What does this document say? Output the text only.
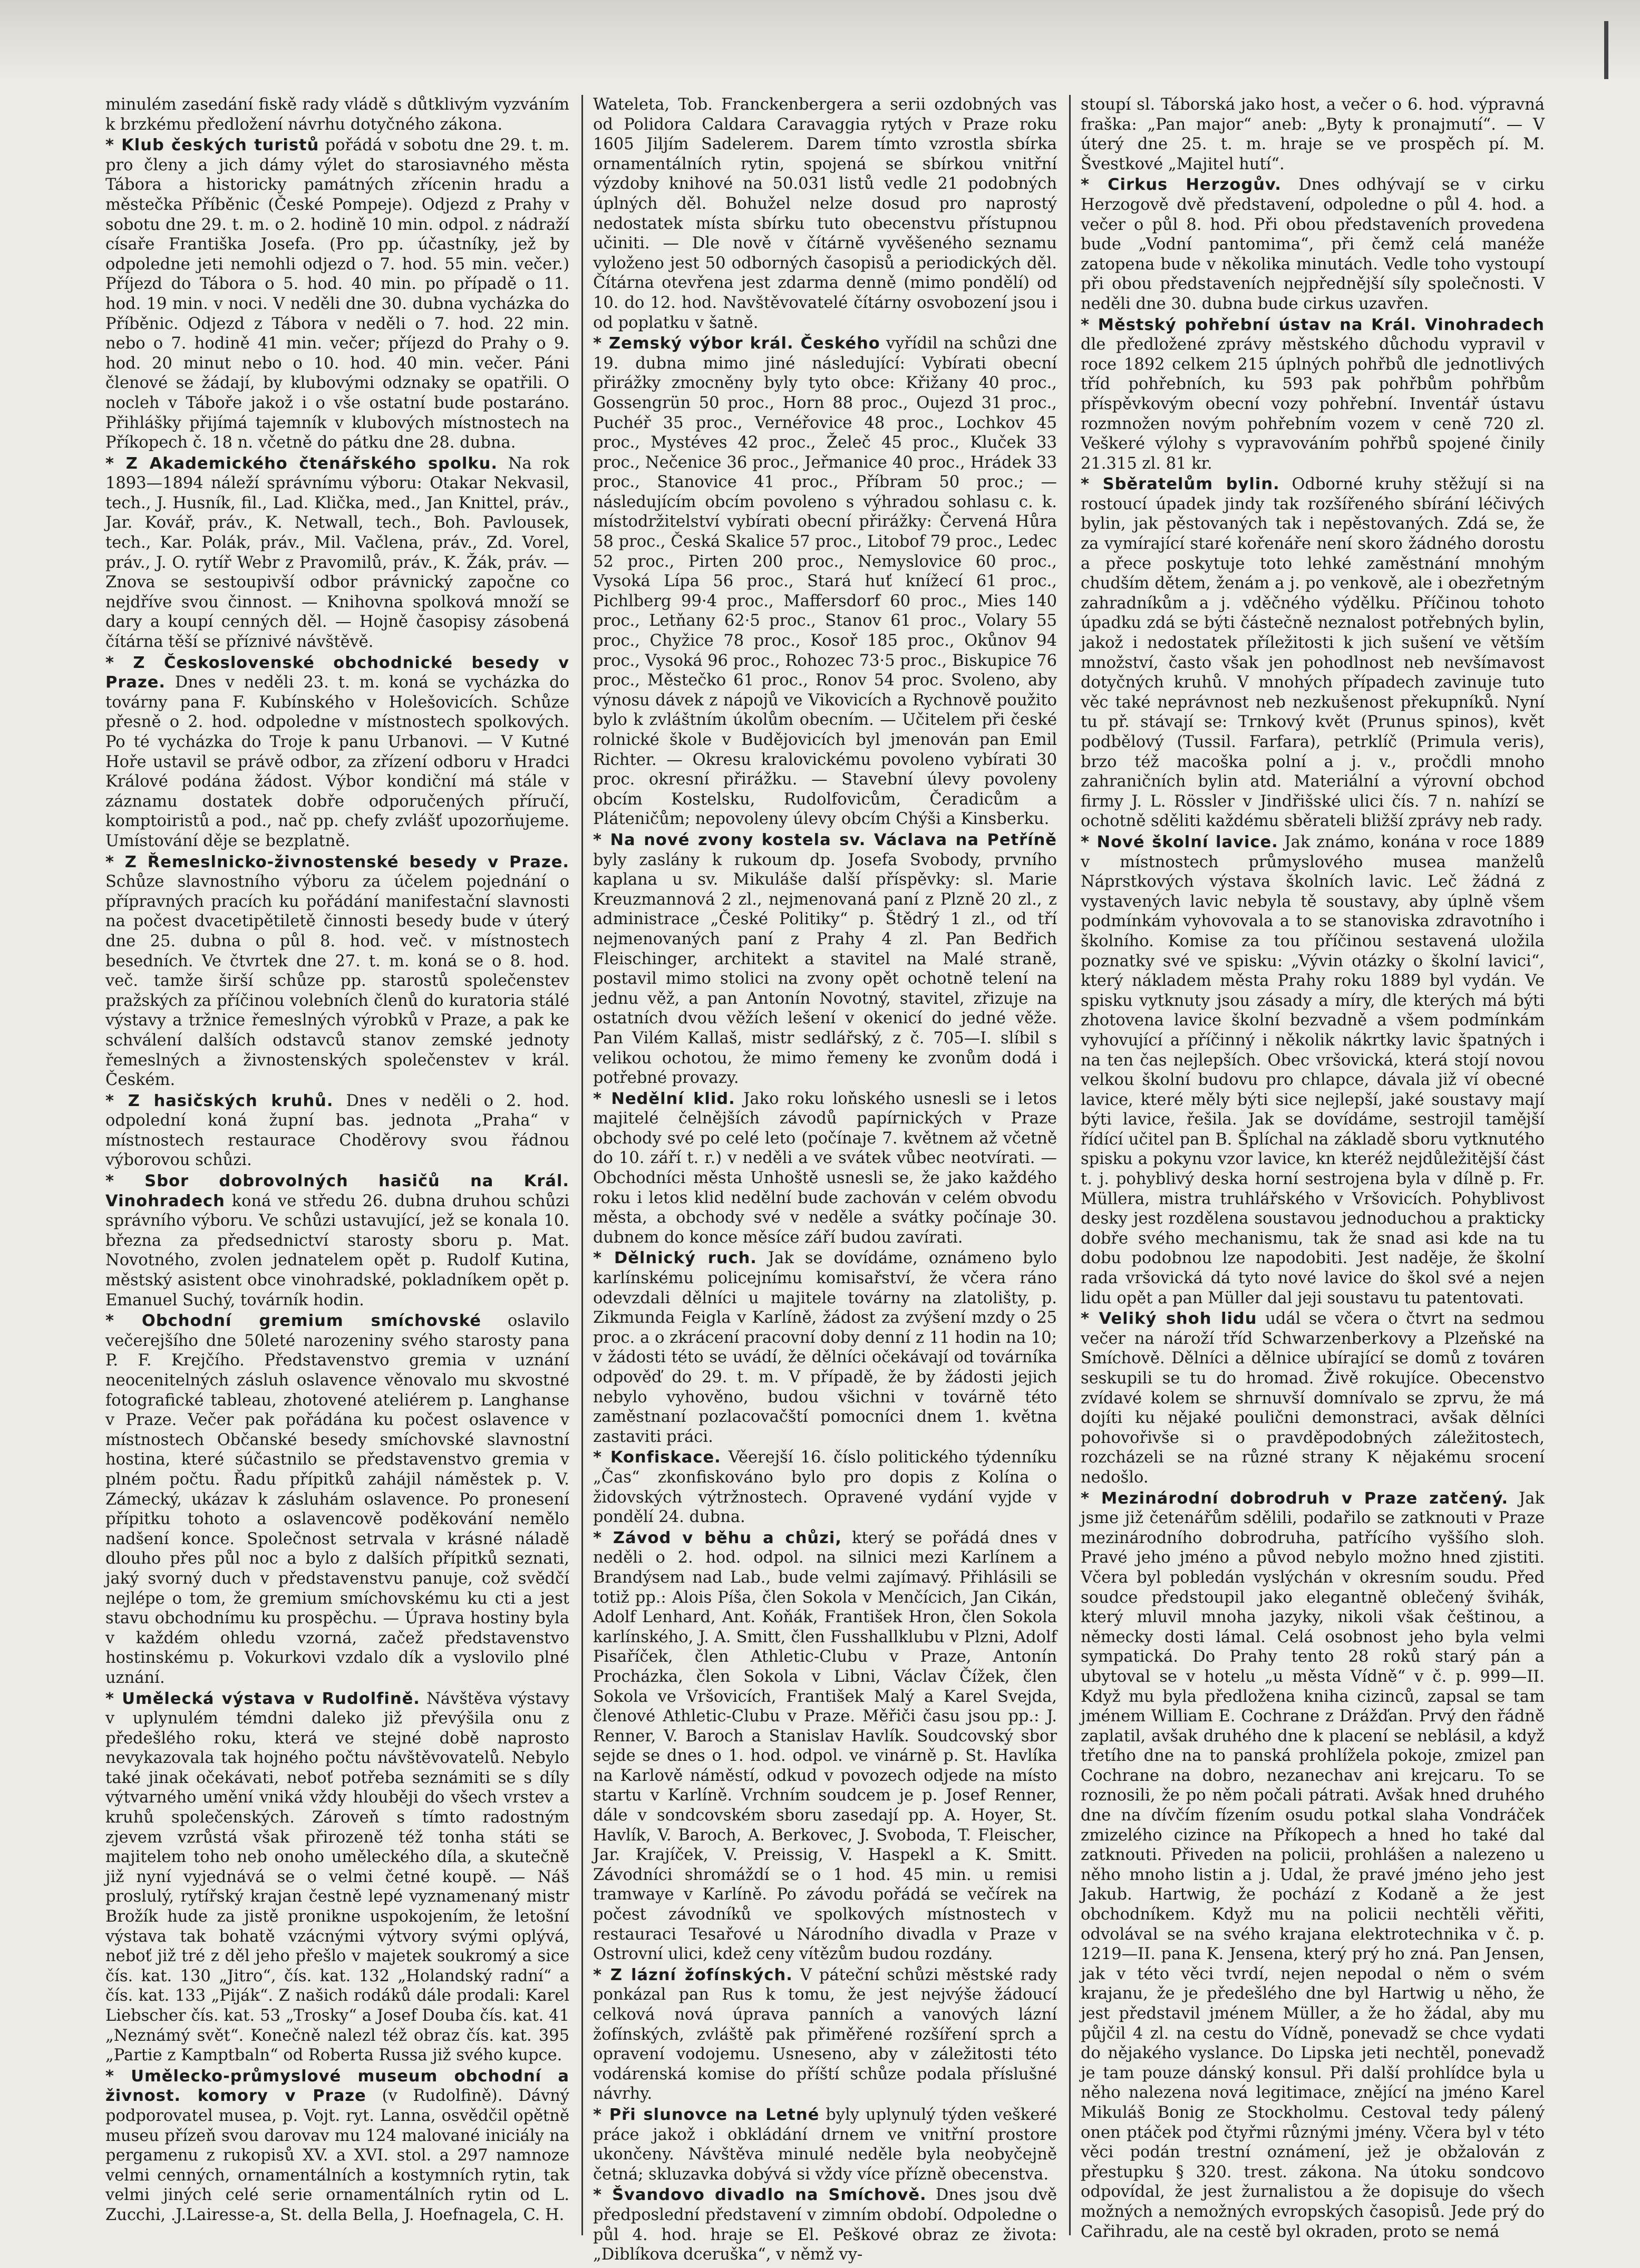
minulém zasedání fiskě rady vládě s důtklivým vyzváním k brzkému předložení návrhu dotyčného zákona.

* Klub českých turistů pořádá v sobotu dne 29. t. m. pro členy a jich dámy výlet do starosiavného města Tábora a historicky památných zřícenin hradu a městečka Příběnic (České Pompeje). Odjezd z Prahy v sobotu dne 29. t. m. o 2. hodině 10 min. odpol. z nádraží císaře Františka Josefa. (Pro pp. účastníky, jež by odpoledne jeti nemohli odjezd o 7. hod. 55 min. večer.) Příjezd do Tábora o 5. hod. 40 min. po případě o 11. hod. 19 min. v noci. V neděli dne 30. dubna vycházka do Příběnic. Odjezd z Tábora v neděli o 7. hod. 22 min. nebo o 7. hodině 41 min. večer; příjezd do Prahy o 9. hod. 20 minut nebo o 10. hod. 40 min. večer. Páni členové se žádají, by klubovými odznaky se opatřili. O nocleh v Táboře jakož i o vše ostatní bude postaráno. Přihlášky přijímá tajemník v klubových místnostech na Příkopech č. 18 n. včetně do pátku dne 28. dubna.

* Z Akademického čtenářského spolku. Na rok 1893—1894 náleží správnímu výboru: Otakar Nekvasil, tech., J. Husník, fil., Lad. Klička, med., Jan Knittel, práv., Jar. Kovář, práv., K. Netwall, tech., Boh. Pavlousek, tech., Kar. Polák, práv., Mil. Vačlena, práv., Zd. Vorel, práv., J. O. rytíř Webr z Pravomilů, práv., K. Žák, práv. — Znova se sestoupivší odbor právnický započne co nejdříve svou činnost. — Knihovna spolková množí se dary a koupí cenných děl. — Hojně časopisy zásobená čítárna těší se příznivé návštěvě.

* Z Československé obchodnické besedy v Praze. Dnes v neděli 23. t. m. koná se vycházka do továrny pana F. Kubínského v Holešovicích. Schůze přesně o 2. hod. odpoledne v místnostech spolkových. Po té vycházka do Troje k panu Urbanovi. — V Kutné Hoře ustavil se právě odbor, za zřízení odboru v Hradci Králové podána žádost. Výbor kondiční má stále v záznamu dostatek dobře odporučených příručí, komptoiristů a pod., nač pp. chefy zvlášť upozorňujeme. Umístování děje se bezplatně.

* Z Řemeslnicko-živnostenské besedy v Praze. Schůze slavnostního výboru za účelem pojednání o přípravných pracích ku pořádání manifestační slavnosti na počest dvacetipětiletě činnosti besedy bude v úterý dne 25. dubna o půl 8. hod. več. v místnostech besedních. Ve čtvrtek dne 27. t. m. koná se o 8. hod. več. tamže širší schůze pp. starostů společenstev pražských za příčinou volebních členů do kuratoria stálé výstavy a tržnice řemeslných výrobků v Praze, a pak ke schválení dalších odstavců stanov zemské jednoty řemeslných a živnostenských společenstev v král. Českém.

* Z hasičských kruhů. Dnes v neděli o 2. hod. odpolední koná župní bas. jednota „Praha“ v místnostech restaurace Choděrovy svou řádnou výborovou schůzi.

* Sbor dobrovolných hasičů na Král. Vinohradech koná ve středu 26. dubna druhou schůzi správního výboru. Ve schůzi ustavující, jež se konala 10. března za předsednictví starosty sboru p. Mat. Novotného, zvolen jednatelem opět p. Rudolf Kutina, městský asistent obce vinohradské, pokladníkem opět p. Emanuel Suchý, továrník hodin.

* Obchodní gremium smíchovské oslavilo večerejšího dne 50leté narozeniny svého starosty pana P. F. Krejčího. Představenstvo gremia v uznání neocenitelných zásluh oslavence věnovalo mu skvostné fotografické tableau, zhotovené ateliérem p. Langhanse v Praze. Večer pak pořádána ku počest oslavence v místnostech Občanské besedy smíchovské slavnostní hostina, které súčastnilo se představenstvo gremia v plném počtu. Řadu přípitků zahájil náměstek p. V. Zámecký, ukázav k zásluhám oslavence. Po pronesení přípitku tohoto a oslavencově poděkování nemělo nadšení konce. Společnost setrvala v krásné náladě dlouho přes půl noc a bylo z dalších přípitků seznati, jaký svorný duch v představenstvu panuje, což svědčí nejlépe o tom, že gremium smíchovskému ku cti a jest stavu obchodnímu ku prospěchu. — Úprava hostiny byla v každém ohledu vzorná, začež představenstvo hostinskému p. Vokurkovi vzdalo dík a vyslovilo plné uznání.

* Umělecká výstava v Rudolfině. Návštěva výstavy v uplynulém témdni daleko již převýšila onu z předešlého roku, která ve stejné době naprosto nevykazovala tak hojného počtu návštěvovatelů. Nebylo také jinak očekávati, neboť potřeba seznámiti se s díly výtvarného umění vniká vždy hlouběji do všech vrstev a kruhů společenských. Zároveň s tímto radostným zjevem vzrůstá však přirozeně též tonha státi se majitelem toho neb onoho uměleckého díla, a skutečně již nyní vyjednává se o velmi četné koupě. — Náš proslulý, rytířský krajan čestně lepé vyznamenaný mistr Brožík hude za jistě pronikne uspokojením, že letošní výstava tak bohatě vzácnými výtvory svými oplývá, neboť již tré z děl jeho přešlo v majetek soukromý a sice čís. kat. 130 „Jitro“, čís. kat. 132 „Holandský radní“ a čís. kat. 133 „Piják“. Z našich rodáků dále prodali: Karel Liebscher čís. kat. 53 „Trosky“ a Josef Douba čís. kat. 41 „Neznámý svět“. Konečně nalezl též obraz čís. kat. 395 „Partie z Kamptbaln“ od Roberta Russa již svého kupce.

* Umělecko-průmyslové museum obchodní a živnost. komory v Praze (v Rudolfině). Dávný podporovatel musea, p. Vojt. ryt. Lanna, osvědčil opětně museu přízeň svou darovav mu 124 malované iniciály na pergamenu z rukopisů XV. a XVI. stol. a 297 namnoze velmi cenných, ornamentálních a kostymních rytin, tak velmi jiných celé serie ornamentálních rytin od L. Zucchi, .J.Lairesse-a, St. della Bella, J. Hoefnagela, C. H.

Wateleta, Tob. Franckenbergera a serii ozdobných vas od Polidora Caldara Caravaggia rytých v Praze roku 1605 Jiljím Sadelerem. Darem tímto vzrostla sbírka ornamentálních rytin, spojená se sbírkou vnitřní výzdoby knihové na 50.031 listů vedle 21 podobných úplných děl. Bohužel nelze dosud pro naprostý nedostatek místa sbírku tuto obecenstvu přístupnou učiniti. — Dle nově v čítárně vyvěšeného seznamu vyloženo jest 50 odborných časopisů a periodických děl. Čítárna otevřena jest zdarma denně (mimo pondělí) od 10. do 12. hod. Navštěvovatelé čítárny osvobození jsou i od poplatku v šatně.

* Zemský výbor král. Českého vyřídil na schůzi dne 19. dubna mimo jiné následující: Vybírati obecní přirážky zmocněny byly tyto obce: Křižany 40 proc., Gossengrün 50 proc., Horn 88 proc., Oujezd 31 proc., Puchéř 35 proc., Vernéřovice 48 proc., Lochkov 45 proc., Mystéves 42 proc., Želeč 45 proc., Kluček 33 proc., Nečenice 36 proc., Jeřmanice 40 proc., Hrádek 33 proc., Stanovice 41 proc., Příbram 50 proc.; — následujícím obcím povoleno s výhradou sohlasu c. k. místodržitelství vybírati obecní přirážky: Červená Hůra 58 proc., Česká Skalice 57 proc., Litobof 79 proc., Ledec 52 proc., Pirten 200 proc., Nemyslovice 60 proc., Vysoká Lípa 56 proc., Stará huť knížecí 61 proc., Pichlberg 99·4 proc., Maffersdorf 60 proc., Mies 140 proc., Letňany 62·5 proc., Stanov 61 proc., Volary 55 proc., Chyžice 78 proc., Kosoř 185 proc., Okůnov 94 proc., Vysoká 96 proc., Rohozec 73·5 proc., Biskupice 76 proc., Městečko 61 proc., Ronov 54 proc. Svoleno, aby výnosu dávek z nápojů ve Vikovicích a Rychnově použito bylo k zvláštním úkolům obecním. — Učitelem při české rolnické škole v Budějovicích byl jmenován pan Emil Richter. — Okresu kralovickému povoleno vybírati 30 proc. okresní přirážku. — Stavební úlevy povoleny obcím Kostelsku, Rudolfovicům, Čeradicům a Pláteničům; nepovoleny úlevy obcím Chýši a Kinsberku.

* Na nové zvony kostela sv. Václava na Petříně byly zaslány k rukoum dp. Josefa Svobody, prvního kaplana u sv. Mikuláše další příspěvky: sl. Marie Kreuzmannová 2 zl., nejmenovaná paní z Plzně 20 zl., z administrace „České Politiky“ p. Štědrý 1 zl., od tří nejmenovaných paní z Prahy 4 zl. Pan Bedřich Fleischinger, architekt a stavitel na Malé straně, postavil mimo stolici na zvony opět ochotně telení na jednu věž, a pan Antonín Novotný, stavitel, zřizuje na ostatních dvou věžích lešení v okenicí do jedné věže. Pan Vilém Kallaš, mistr sedlářský, z č. 705—I. slíbil s velikou ochotou, že mimo řemeny ke zvonům dodá i potřebné provazy.

* Nedělní klid. Jako roku loňského usnesli se i letos majitelé čelnějších závodů papírnických v Praze obchody své po celé leto (počínaje 7. květnem až včetně do 10. září t. r.) v neděli a ve svátek vůbec neotvírati. — Obchodníci města Unhoště usnesli se, že jako každého roku i letos klid nedělní bude zachován v celém obvodu města, a obchody své v neděle a svátky počínaje 30. dubnem do konce měsíce září budou zavírati.

* Dělnický ruch. Jak se dovídáme, oznámeno bylo karlínskému policejnímu komisařství, že včera ráno odevzdali dělníci u majitele továrny na zlatolišty, p. Zikmunda Feigla v Karlíně, žádost za zvýšení mzdy o 25 proc. a o zkrácení pracovní doby denní z 11 hodin na 10; v žádosti této se uvádí, že dělníci očekávají od továrníka odpověď do 29. t. m. V případě, že by žádosti jejich nebylo vyhověno, budou všichni v továrně této zaměstnaní pozlacovačští pomocníci dnem 1. května zastaviti práci.

* Konfiskace. Věerejší 16. číslo politického týdenníku „Čas“ zkonfiskováno bylo pro dopis z Kolína o židovských výtržnostech. Opravené vydání vyjde v pondělí 24. dubna.

* Závod v běhu a chůzi, který se pořádá dnes v neděli o 2. hod. odpol. na silnici mezi Karlínem a Brandýsem nad Lab., bude velmi zajímavý. Přihlásili se totiž pp.: Alois Píša, člen Sokola v Menčícich, Jan Cikán, Adolf Lenhard, Ant. Koňák, František Hron, člen Sokola karlínského, J. A. Smitt, člen Fusshallklubu v Plzni, Adolf Pisaříček, člen Athletic-Clubu v Praze, Antonín Procházka, člen Sokola v Libni, Václav Čížek, člen Sokola ve Vršovicích, František Malý a Karel Svejda, členové Athletic-Clubu v Praze. Měřiči času jsou pp.: J. Renner, V. Baroch a Stanislav Havlík. Soudcovský sbor sejde se dnes o 1. hod. odpol. ve vinárně p. St. Havlíka na Karlově náměstí, odkud v povozech odjede na místo startu v Karlíně. Vrchním soudcem je p. Josef Renner, dále v sondcovském sboru zasedají pp. A. Hoyer, St. Havlík, V. Baroch, A. Berkovec, J. Svoboda, T. Fleischer, Jar. Krajíček, V. Preissig, V. Haspekl a K. Smitt. Závodníci shromáždí se o 1 hod. 45 min. u remisi tramwaye v Karlíně. Po závodu pořádá se večírek na počest závodníků ve spolkových místnostech v restauraci Tesařové u Národního divadla v Praze v Ostrovní ulici, kdež ceny vítězům budou rozdány.

* Z lázní žofínských. V páteční schůzi městské rady ponkázal pan Rus k tomu, že jest nejvýše žádoucí celková nová úprava panních a vanových lázní žofínských, zvláště pak přiměřené rozšíření sprch a opravení vodojemu. Usneseno, aby v záležitosti této vodárenská komise do příští schůze podala příslušné návrhy.

* Při slunovce na Letné byly uplynulý týden veškeré práce jakož i obkládání drnem ve vnitřní prostore ukončeny. Návštěva minulé neděle byla neobyčejně četná; skluzavka dobývá si vždy více přízně obecenstva.

* Švandovo divadlo na Smíchově. Dnes jsou dvě předposlední představení v zimním období. Odpoledne o půl 4. hod. hraje se El. Peškové obraz ze života: „Diblíkova dceruška“, v němž vy-

stoupí sl. Táborská jako host, a večer o 6. hod. výpravná fraška: „Pan major“ aneb: „Byty k pronajmutí“. — V úterý dne 25. t. m. hraje se ve prospěch pí. M. Švestkové „Majitel hutí“.

* Cirkus Herzogův. Dnes odhývají se v cirku Herzogově dvě představení, odpoledne o půl 4. hod. a večer o půl 8. hod. Při obou představeních provedena bude „Vodní pantomima“, při čemž celá manéže zatopena bude v několika minutách. Vedle toho vystoupí při obou představeních nejpřednější síly společnosti. V neděli dne 30. dubna bude cirkus uzavřen.

* Městský pohřební ústav na Král. Vinohradech dle předložené zprávy městského důchodu vypravil v roce 1892 celkem 215 úplných pohřbů dle jednotlivých tříd pohřebních, ku 593 pak pohřbům pohřbům příspěvkovým obecní vozy pohřební. Inventář ústavu rozmnožen novým pohřebním vozem v ceně 720 zl. Veškeré výlohy s vypravováním pohřbů spojené činily 21.315 zl. 81 kr.

* Sběratelům bylin. Odborné kruhy stěžují si na rostoucí úpadek jindy tak rozšířeného sbírání léčivých bylin, jak pěstovaných tak i nepěstovaných. Zdá se, že za vymírající staré kořenáře není skoro žádného dorostu a přece poskytuje toto lehké zaměstnání mnohým chudším dětem, ženám a j. po venkově, ale i obezřetným zahradníkům a j. vděčného výdělku. Příčinou tohoto úpadku zdá se býti částečně neznalost potřebných bylin, jakož i nedostatek příležitosti k jich sušení ve větším množství, často však jen pohodlnost neb nevšímavost dotyčných kruhů. V mnohých případech zavinuje tuto věc také neprávnost neb nezkušenost překupníků. Nyní tu př. stávají se: Trnkový květ (Prunus spinos), květ podbělový (Tussil. Farfara), petrklíč (Primula veris), brzo též macoška polní a j. v., pročdli mnoho zahraničních bylin atd. Materiální a výrovní obchod firmy J. L. Rössler v Jindřišské ulici čís. 7 n. nahízí se ochotně sděliti každému sběrateli bližší zprávy neb rady.

* Nové školní lavice. Jak známo, konána v roce 1889 v místnostech průmyslového musea manželů Náprstkových výstava školních lavic. Leč žádná z vystavených lavic nebyla tě soustavy, aby úplně všem podmínkám vyhovovala a to se stanoviska zdravotního i školního. Komise za tou příčinou sestavená uložila poznatky své ve spisku: „Vývin otázky o školní lavici“, který nákladem města Prahy roku 1889 byl vydán. Ve spisku vytknuty jsou zásady a míry, dle kterých má býti zhotovena lavice školní bezvadně a všem podmínkám vyhovující a příčinný i několik nákrtky lavic špatných i na ten čas nejlepších. Obec vršovická, která stojí novou velkou školní budovu pro chlapce, dávala již ví obecné lavice, které měly býti sice nejlepší, jaké soustavy mají býti lavice, řešila. Jak se dovídáme, sestrojil tamější řídící učitel pan B. Šplíchal na základě sboru vytknutého spisku a pokynu vzor lavice, kn kteréž nejdůležitější část t. j. pohyblivý deska horní sestrojena byla v dílně p. Fr. Müllera, mistra truhlářského v Vršovicích. Pohyblivost desky jest rozdělena soustavou jednoduchou a prakticky dobře svého mechanismu, tak že snad asi kde na tu dobu podobnou lze napodobiti. Jest naděje, že školní rada vršovická dá tyto nové lavice do škol své a nejen lidu opět a pan Müller dal jeji soustavu tu patentovati.

* Veliký shoh lidu udál se včera o čtvrt na sedmou večer na nároží tříd Schwarzenberkovy a Plzeňské na Smíchově. Dělníci a dělnice ubírající se domů z továren seskupili se tu do hromad. Živě rokujíce. Obecenstvo zvídavé kolem se shrnuvší domnívalo se zprvu, že má dojíti ku nějaké poulični demonstraci, avšak dělníci pohovořivše si o pravděpodobných záležitostech, rozcházeli se na různé strany K nějakému srocení nedošlo.

* Mezinárodní dobrodruh v Praze zatčený. Jak jsme již četenářům sdělili, podařilo se zatknouti v Praze mezinárodního dobrodruha, patřícího vyššího sloh. Pravé jeho jméno a původ nebylo možno hned zjistiti. Včera byl pobledán vyslýchán v okresním soudu. Před soudce předstoupil jako elegantně oblečený švihák, který mluvil mnoha jazyky, nikoli však češtinou, a německy dosti lámal. Celá osobnost jeho byla velmi sympatická. Do Prahy tento 28 roků starý pán a ubytoval se v hotelu „u města Vídně“ v č. p. 999—II. Když mu byla předložena kniha cizinců, zapsal se tam jménem William E. Cochrane z Drážďan. Prvý den řádně zaplatil, avšak druhého dne k placení se neblásil, a když třetího dne na to panská prohlížela pokoje, zmizel pan Cochrane na dobro, nezanechav ani krejcaru. To se roznosili, že po něm počali pátrati. Avšak hned druhého dne na dívčím fízením osudu potkal slaha Vondráček zmizelého cizince na Příkopech a hned ho také dal zatknouti. Přiveden na policii, prohlášen a nalezeno u něho mnoho listin a j. Udal, že pravé jméno jeho jest Jakub. Hartwig, že pochází z Kodaně a že jest obchodníkem. Když mu na policii nechtěli věřiti, odvolával se na svého krajana elektrotechnika v č. p. 1219—II. pana K. Jensena, který prý ho zná. Pan Jensen, jak v této věci tvrdí, nejen nepodal o něm o svém krajanu, že je předešlého dne byl Hartwig u něho, že jest představil jménem Müller, a že ho žádal, aby mu půjčil 4 zl. na cestu do Vídně, ponevadž se chce vydati do nějakého vyslance. Do Lipska jeti nechtěl, ponevadž je tam pouze dánský konsul. Při další prohlídce byla u něho nalezena nová legitimace, znějící na jméno Karel Mikuláš Bonig ze Stockholmu. Cestoval tedy pálený onen ptáček pod čtyřmi různými jmény. Včera byl v této věci podán trestní oznámení, jež je obžalován z přestupku § 320. trest. zákona. Na útoku sondcovo odpovídal, že jest žurnalistou a že dopisuje do všech možných a nemožných evropských časopisů. Jede prý do Cařihradu, ale na cestě byl okraden, proto se nemá
